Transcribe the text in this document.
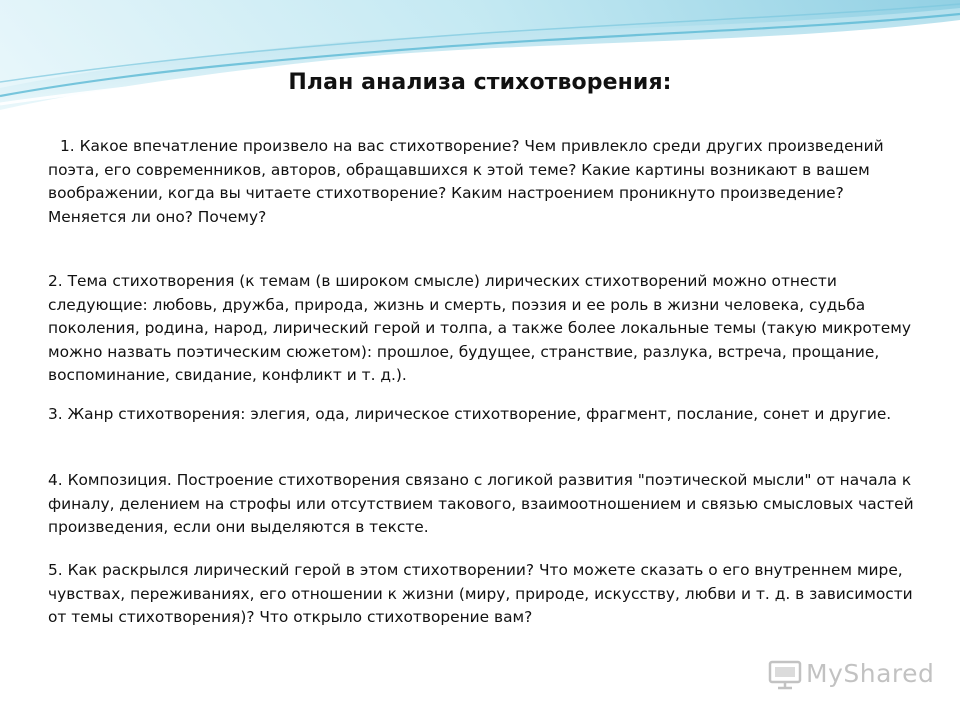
План анализа стихотворения:

1. Какое впечатление произвело на вас стихотворение? Чем привлекло среди других произведений поэта, его современников, авторов, обращавшихся к этой теме? Какие картины возникают в вашем воображении, когда вы читаете стихотворение? Каким настроением проникнуто произведение? Меняется ли оно? Почему?

2. Тема стихотворения (к темам (в широком смысле) лирических стихотворений можно отнести следующие: любовь, дружба, природа, жизнь и смерть, поэзия и ее роль в жизни человека, судьба поколения, родина, народ, лирический герой и толпа, а также более локальные темы (такую микротему можно назвать поэтическим сюжетом): прошлое, будущее, странствие, разлука, встреча, прощание, воспоминание, свидание, конфликт и т. д.).

3. Жанр стихотворения: элегия, ода, лирическое стихотворение, фрагмент, послание, сонет и другие.

4. Композиция. Построение стихотворения связано с логикой развития "поэтической мысли" от начала к финалу, делением на строфы или отсутствием такового, взаимоотношением и связью смысловых частей произведения, если они выделяются в тексте.

5. Как раскрылся лирический герой в этом стихотворении? Что можете сказать о его внутреннем мире, чувствах, переживаниях, его отношении к жизни (миру, природе, искусству, любви и т. д. в зависимости от темы стихотворения)? Что открыло стихотворение вам?

MyShared
